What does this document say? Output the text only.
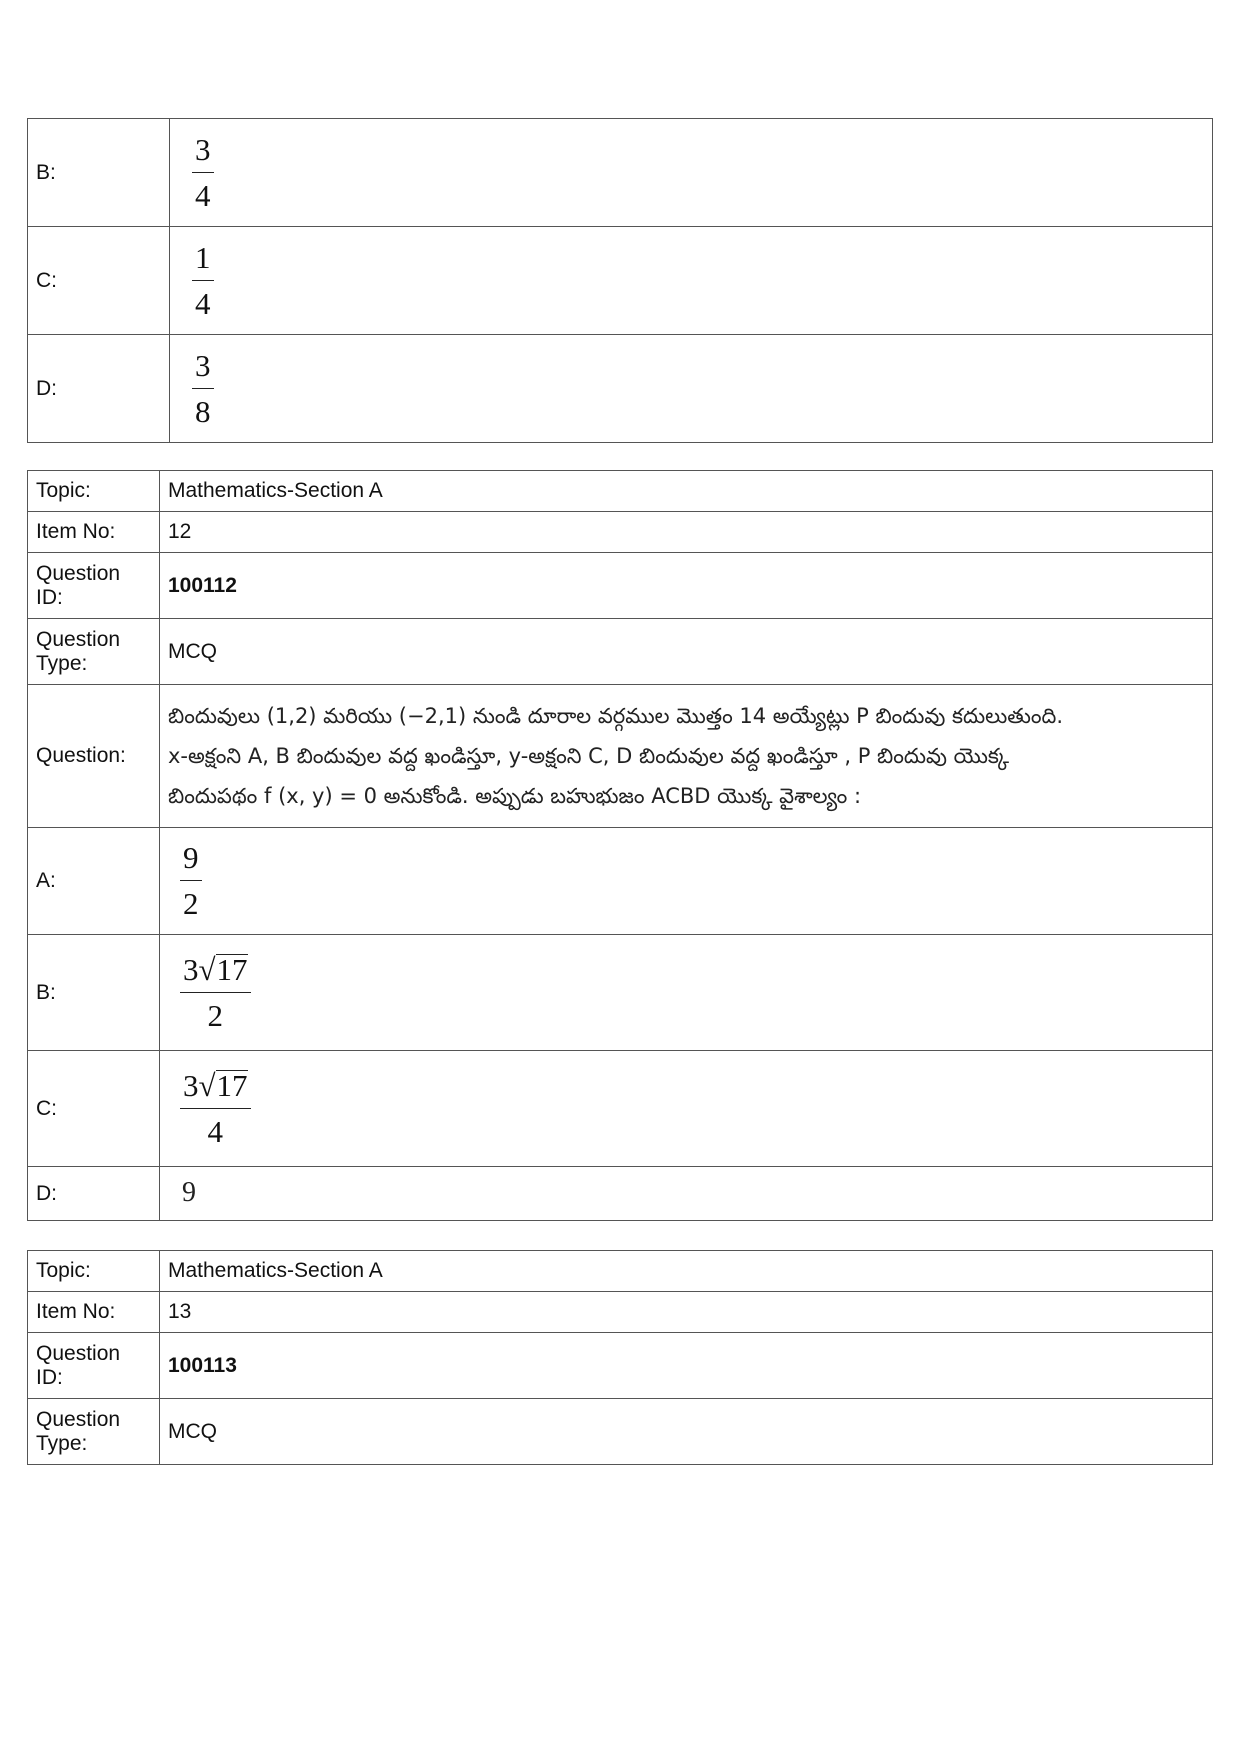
B:	$\frac{3}{4}$

C:	$\frac{1}{4}$

D:	$\frac{3}{8}$
Topic:	Mathematics-Section A
Item No:	12
Question ID:	100112
Question Type:	MCQ
Question:	బిందువులు (1,2) మరియు (−2,1) నుండి దూరాల వర్గముల మొత్తం 14 అయ్యేట్లు P బిందువు కదులుతుంది.
x-అక్షంని A, B బిందువుల వద్ద ఖండిస్తూ, y-అక్షంని C, D బిందువుల వద్ద ఖండిస్తూ , P బిందువు యొక్క
బిందుపథం f (x, y) = 0 అనుకోండి. అప్పుడు బహుభుజం ACBD యొక్క వైశాల్యం :

A:	$\frac{9}{2}$

B:	$\frac{3√17}{2}$

C:	$\frac{3√17}{4}$

D:	9
Topic:	Mathematics-Section A
Item No:	13
Question ID:	100113
Question Type:	MCQ
